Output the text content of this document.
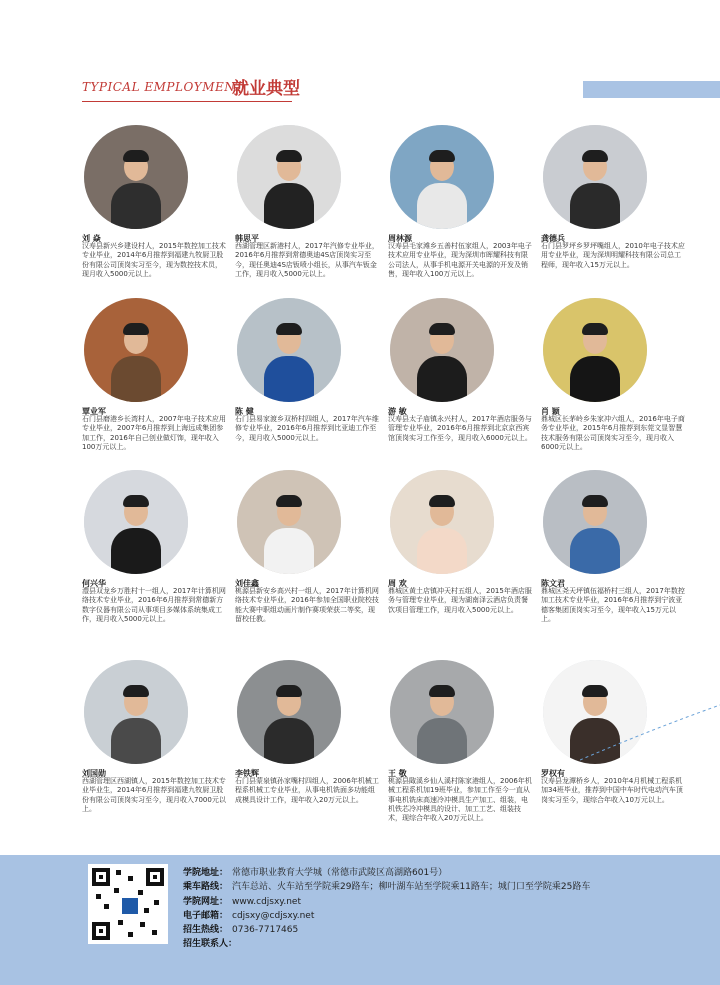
TYPICAL EMPLOYMENT
就业典型
刘 焱
汉寿县新兴乡建设村人，2015年数控加工技术专业毕业，2014年6月推荐到福建九牧厨卫股份有限公司顶岗实习至今，现为数控技术员，现月收入5000元以上。
韩思平
西湖管理区新港村人，2017年汽修专业毕业，2016年6月推荐到常德奥迪4S店顶岗实习至今，现任奥迪4S店钣喷小组长，从事汽车钣金工作，现月收入5000元以上。
周林源
汉寿县毛家滩乡五善村伍家组人，2003年电子技术应用专业毕业，现为深圳市晖耀科技有限公司法人，从事手机电源开关电源的开发及销售，现年收入100万元以上。
龚德兵
石门县罗坪乡罗坪嘴组人，2010年电子技术应用专业毕业，现为深圳明耀科技有限公司总工程师，现年收入15万元以上。
覃业军
石门县磨港乡长湾村人，2007年电子技术应用专业毕业，2007年6月推荐到上海远成集团参加工作，2016年自己创业做灯饰，现年收入100万元以上。
陈 健
石门县易家渡乡双桥村四组人，2017年汽车维修专业毕业，2016年6月推荐到比亚迪工作至今，现月收入5000元以上。
游 敏
汉寿县太子庙镇永兴村人，2017年酒店服务与管理专业毕业，2016年6月推荐到北京京西宾馆顶岗实习工作至今，现月收入6000元以上。
肖 颖
鼎城区长茅岭乡朱家冲六组人，2016年电子商务专业毕业，2015年6月推荐到东莞文显智慧技术服务有限公司顶岗实习至今，现月收入6000元以上。
何兴华
澧县双龙乡万胜村十一组人，2017年计算机网络技术专业毕业，2016年6月推荐到常德新方数字仪器有限公司从事项目多媒体系统集成工作，现月收入5000元以上。
刘佳鑫
桃源县新安乡高兴村一组人，2017年计算机网络技术专业毕业，2016年参加全国职业院校技能大赛中职组动画片制作赛项荣获二等奖，现留校任教。
周 欢
鼎城区黄土店镇冲天村五组人，2015年酒店服务与管理专业毕业，现为湖南泽云酒店负责餐饮项目管理工作，现月收入5000元以上。
陈文君
鼎城区尧天坪镇伍福桥村三组人，2017年数控加工技术专业毕业，2016年6月推荐到宁波亚德客集团顶岗实习至今，现年收入15万元以上。
刘国勋
西湖管理区西湖镇人，2015年数控加工技术专业毕业生，2014年6月推荐到福建九牧厨卫股份有限公司顶岗实习至今，现月收入7000元以上。
李铁辉
石门县蒙泉镇孙家嘴村四组人，2006年机械工程系机械工专业毕业，从事电机铣面多功能组成模具设计工作，现年收入20万元以上。
王 敬
桃源县陬溪乡仙人溪村陈家港组人，2006年机械工程系机加19班毕业，参加工作至今一直从事电机铣床高速冷冲模具生产加工、组装，电机铁芯冷冲模具的设计、加工工艺、组装技术，现综合年收入20万元以上。
罗权有
汉寿县龙潭桥乡人，2010年4月机械工程系机加34班毕业，推荐到中国中车时代电动汽车顶岗实习至今，现综合年收入10万元以上。
学院地址： 常德市职业教育大学城（常德市武陵区高湖路601号）
乘车路线： 汽车总站、火车站至学院乘29路车；柳叶湖车站至学院乘11路车；城门口至学院乘25路车
学院网址： www.cdjsxy.net
电子邮箱： cdjsxy@cdjsxy.net
招生热线： 0736-7717465
招生联系人：
